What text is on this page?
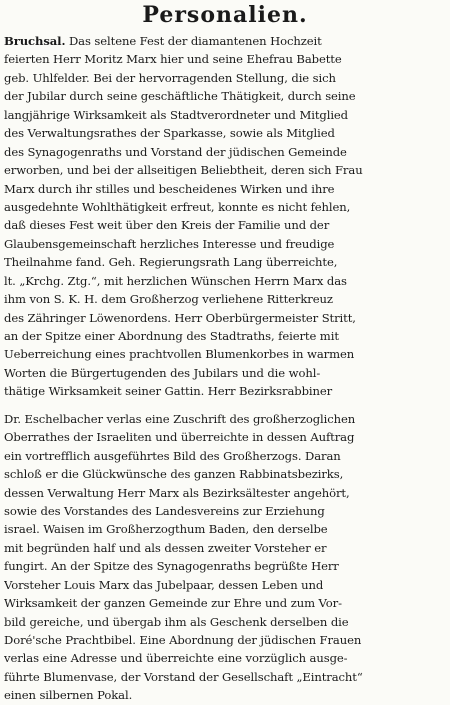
Personalien.
Bruchsal. Das seltene Fest der diamantenen Hochzeit
feierten Herr Moritz Marx hier und seine Ehefrau Babette
geb. Uhlfelder. Bei der hervorragenden Stellung, die sich
der Jubilar durch seine geschäftliche Thätigkeit, durch seine
langjährige Wirksamkeit als Stadtverordneter und Mitglied
des Verwaltungsrathes der Sparkasse, sowie als Mitglied
des Synagogenraths und Vorstand der jüdischen Gemeinde
erworben, und bei der allseitigen Beliebtheit, deren sich Frau
Marx durch ihr stilles und bescheidenes Wirken und ihre
ausgedehnte Wohlthätigkeit erfreut, konnte es nicht fehlen,
daß dieses Fest weit über den Kreis der Familie und der
Glaubensgemeinschaft herzliches Interesse und freudige
Theilnahme fand. Geh. Regierungsrath Lang überreichte,
lt. „Krchg. Ztg.“, mit herzlichen Wünschen Herrn Marx das
ihm von S. K. H. dem Großherzog verliehene Ritterkreuz
des Zähringer Löwenordens. Herr Oberbürgermeister Stritt,
an der Spitze einer Abordnung des Stadtraths, feierte mit
Ueberreichung eines prachtvollen Blumenkorbes in warmen
Worten die Bürgertugenden des Jubilars und die wohl-
thätige Wirksamkeit seiner Gattin. Herr Bezirksrabbiner
Dr. Eschelbacher verlas eine Zuschrift des großherzoglichen
Oberrathes der Israeliten und überreichte in dessen Auftrag
ein vortrefflich ausgeführtes Bild des Großherzogs. Daran
schloß er die Glückwünsche des ganzen Rabbinatsbezirks,
dessen Verwaltung Herr Marx als Bezirksältester angehört,
sowie des Vorstandes des Landesvereins zur Erziehung
israel. Waisen im Großherzogthum Baden, den derselbe
mit begründen half und als dessen zweiter Vorsteher er
fungirt. An der Spitze des Synagogenraths begrüßte Herr
Vorsteher Louis Marx das Jubelpaar, dessen Leben und
Wirksamkeit der ganzen Gemeinde zur Ehre und zum Vor-
bild gereiche, und übergab ihm als Geschenk derselben die
Doré'sche Prachtbibel. Eine Abordnung der jüdischen Frauen
verlas eine Adresse und überreichte eine vorzüglich ausge-
führte Blumenvase, der Vorstand der Gesellschaft „Eintracht“
einen silbernen Pokal.
